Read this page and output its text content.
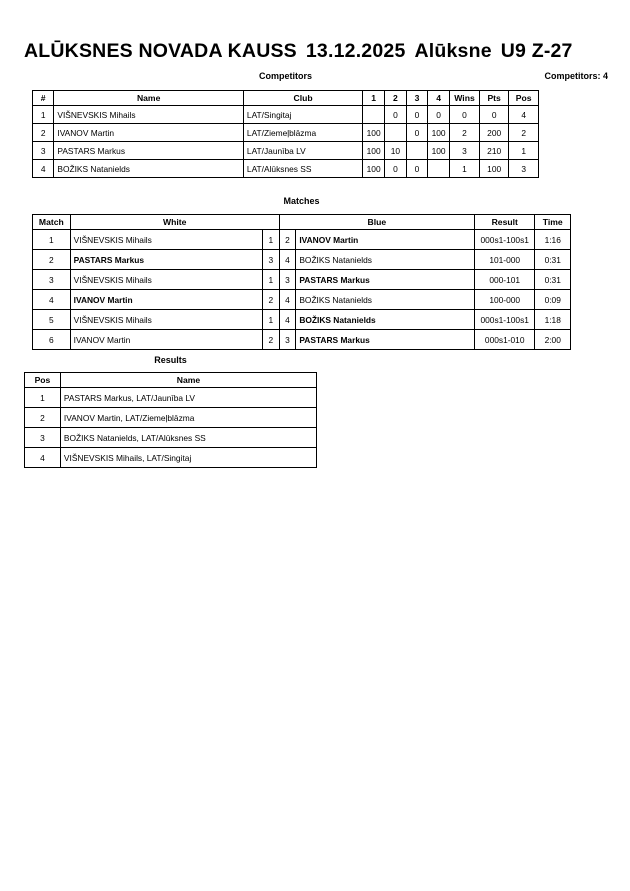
ALŪKSNES NOVADA KAUSS 13.12.2025 Alūksne U9 Z-27
Competitors	Competitors: 4
#	Name	Club	1	2	3	4	Wins	Pts	Pos
1	VIŠNEVSKIS Mihails	LAT/Singitaj		0	0	0	0	0	4
2	IVANOV Martin	LAT/Ziemeļblāzma	100		0	100	2	200	2
3	PASTARS Markus	LAT/Jaunība LV	100	10		100	3	210	1
4	BOŽIKS Natanields	LAT/Alūksnes SS	100	0	0		1	100	3
Matches
Match	White		Blue		Result	Time
1	VIŠNEVSKIS Mihails	1	2	IVANOV Martin	000s1-100s1	1:16
2	PASTARS Markus	3	4	BOŽIKS Natanields	101-000	0:31
3	VIŠNEVSKIS Mihails	1	3	PASTARS Markus	000-101	0:31
4	IVANOV Martin	2	4	BOŽIKS Natanields	100-000	0:09
5	VIŠNEVSKIS Mihails	1	4	BOŽIKS Natanields	000s1-100s1	1:18
6	IVANOV Martin	2	3	PASTARS Markus	000s1-010	2:00
Results
Pos	Name
1	PASTARS Markus, LAT/Jaunība LV
2	IVANOV Martin, LAT/Ziemeļblāzma
3	BOŽIKS Natanields, LAT/Alūksnes SS
4	VIŠNEVSKIS Mihails, LAT/Singitaj
